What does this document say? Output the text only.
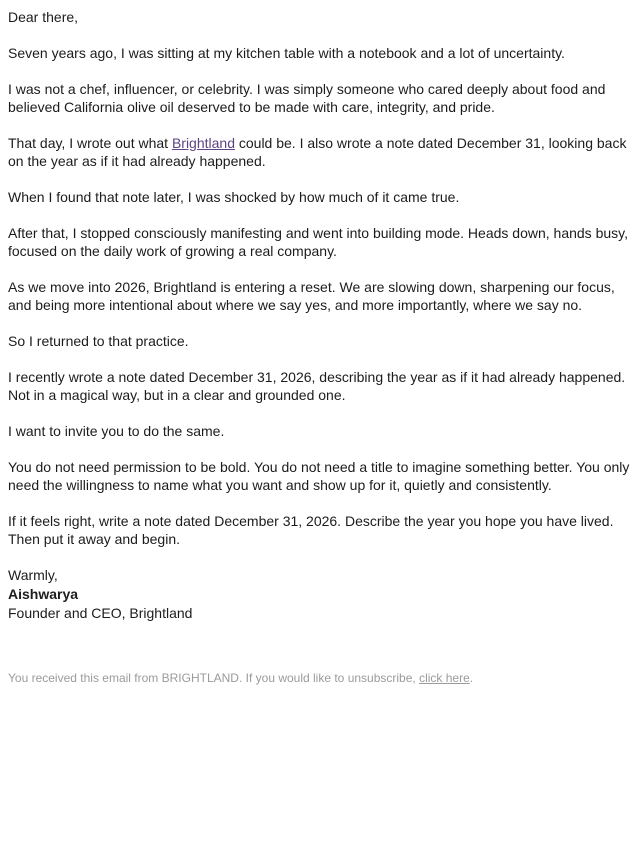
Dear there,

Seven years ago, I was sitting at my kitchen table with a notebook and a lot of uncertainty.

I was not a chef, influencer, or celebrity. I was simply someone who cared deeply about food and believed California olive oil deserved to be made with care, integrity, and pride.

That day, I wrote out what Brightland could be. I also wrote a note dated December 31, looking back on the year as if it had already happened.

When I found that note later, I was shocked by how much of it came true.

After that, I stopped consciously manifesting and went into building mode. Heads down, hands busy, focused on the daily work of growing a real company.

As we move into 2026, Brightland is entering a reset. We are slowing down, sharpening our focus, and being more intentional about where we say yes, and more importantly, where we say no.

So I returned to that practice.

I recently wrote a note dated December 31, 2026, describing the year as if it had already happened. Not in a magical way, but in a clear and grounded one.

I want to invite you to do the same.

You do not need permission to be bold. You do not need a title to imagine something better. You only need the willingness to name what you want and show up for it, quietly and consistently.

If it feels right, write a note dated December 31, 2026. Describe the year you hope you have lived. Then put it away and begin.

Warmly,
Aishwarya
Founder and CEO, Brightland

You received this email from BRIGHTLAND. If you would like to unsubscribe, click here.
